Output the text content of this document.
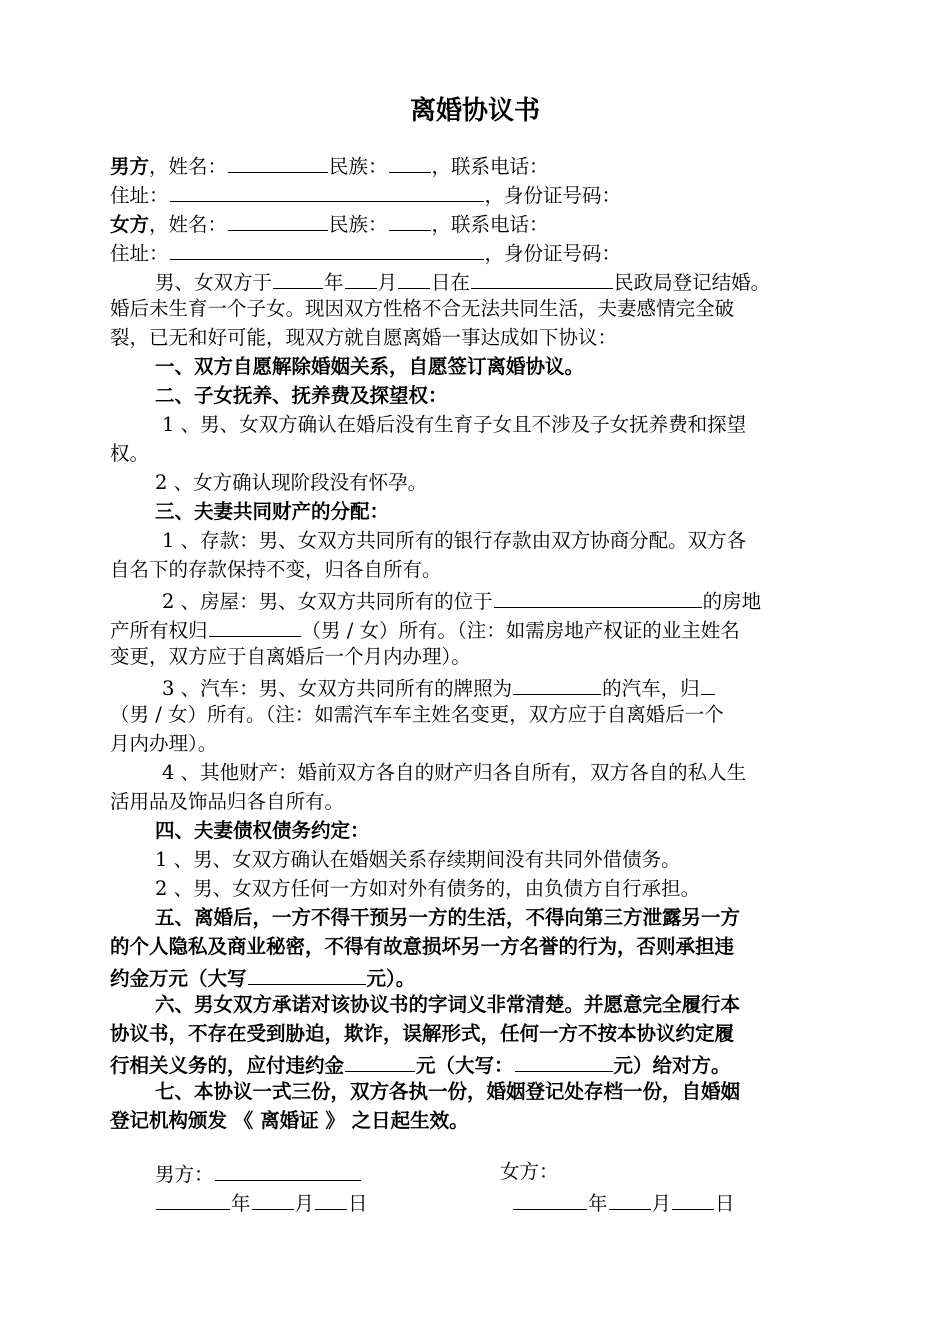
离婚协议书
男方，姓名：	民族： ，联系电话：
住址：	，身份证号码：
女方，姓名：	民族： ，联系电话：
住址：	，身份证号码：
男、女双方于	年 月 日在	民政局登记结婚。
婚后未生育一个子女。现因双方性格不合无法共同生活，夫妻感情完全破
裂，已无和好可能，现双方就自愿离婚一事达成如下协议：
一、双方自愿解除婚姻关系，自愿签订离婚协议。
二、子女抚养、抚养费及探望权：
1 、男、女双方确认在婚后没有生育子女且不涉及子女抚养费和探望
权。
2 、女方确认现阶段没有怀孕。
三、夫妻共同财产的分配：
1 、存款：男、女双方共同所有的银行存款由双方协商分配。双方各
自名下的存款保持不变，归各自所有。
2 、房屋：男、女双方共同所有的位于	的房地
产所有权归	（男 / 女）所有。（注：如需房地产权证的业主姓名
变更，双方应于自离婚后一个月内办理）。
3 、汽车：男、女双方共同所有的牌照为	的汽车，归
（男 / 女）所有。（注：如需汽车车主姓名变更，双方应于自离婚后一个
月内办理）。
4 、其他财产：婚前双方各自的财产归各自所有，双方各自的私人生
活用品及饰品归各自所有。
四、夫妻债权债务约定：
1 、男、女双方确认在婚姻关系存续期间没有共同外借债务。
2 、男、女双方任何一方如对外有债务的，由负债方自行承担。
五、离婚后，一方不得干预另一方的生活，不得向第三方泄露另一方
的个人隐私及商业秘密，不得有故意损坏另一方名誉的行为，否则承担违
约金万元（大写	元）。
六、男女双方承诺对该协议书的字词义非常清楚。并愿意完全履行本
协议书，不存在受到胁迫，欺诈，误解形式，任何一方不按本协议约定履
行相关义务的，应付违约金	元（大写：	元）给对方。
七、本协议一式三份，双方各执一份，婚姻登记处存档一份，自婚姻
登记机构颁发 《 离婚证 》 之日起生效。
男方：	女方：
年 月 日	年 月 日
